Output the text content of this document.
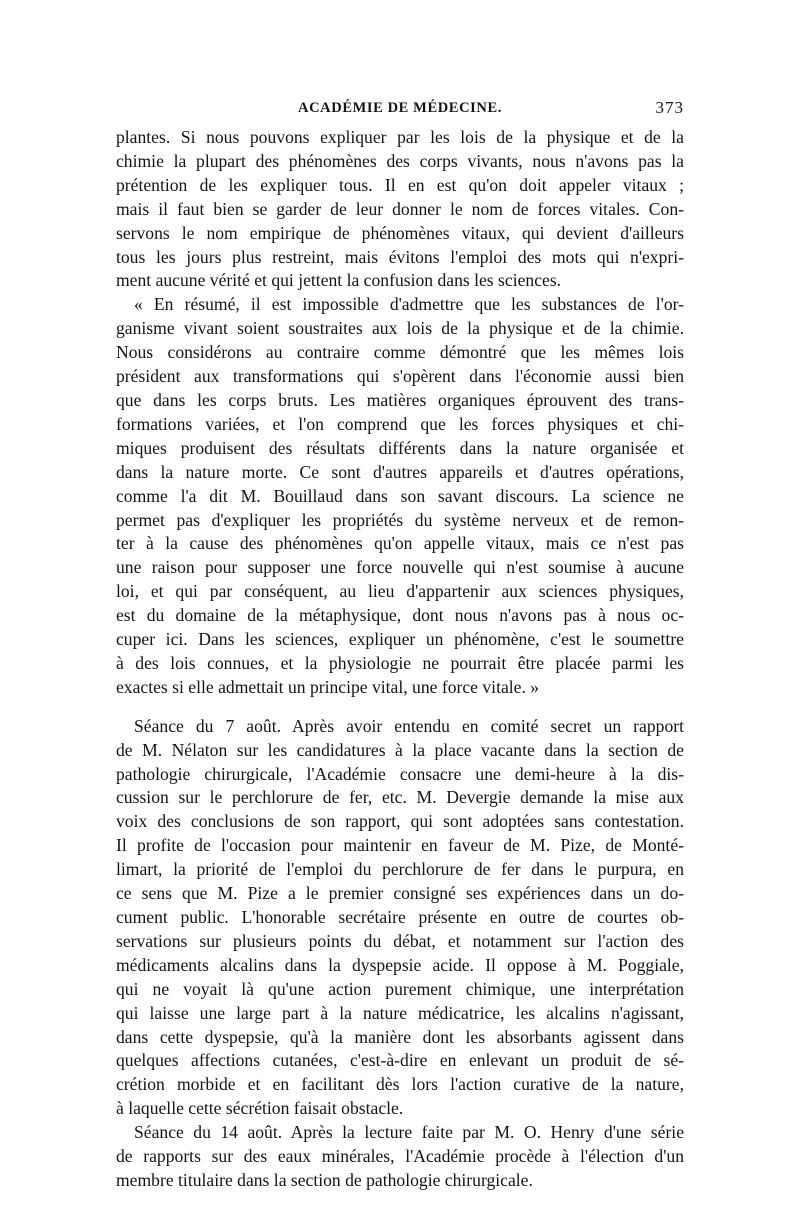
ACADÉMIE DE MÉDECINE.	373
plantes. Si nous pouvons expliquer par les lois de la physique et de la
chimie la plupart des phénomènes des corps vivants, nous n'avons pas la
prétention de les expliquer tous. Il en est qu'on doit appeler vitaux ;
mais il faut bien se garder de leur donner le nom de forces vitales. Con-
servons le nom empirique de phénomènes vitaux, qui devient d'ailleurs
tous les jours plus restreint, mais évitons l'emploi des mots qui n'expri-
ment aucune vérité et qui jettent la confusion dans les sciences.
« En résumé, il est impossible d'admettre que les substances de l'or-
ganisme vivant soient soustraites aux lois de la physique et de la chimie.
Nous considérons au contraire comme démontré que les mêmes lois
président aux transformations qui s'opèrent dans l'économie aussi bien
que dans les corps bruts. Les matières organiques éprouvent des trans-
formations variées, et l'on comprend que les forces physiques et chi-
miques produisent des résultats différents dans la nature organisée et
dans la nature morte. Ce sont d'autres appareils et d'autres opérations,
comme l'a dit M. Bouillaud dans son savant discours. La science ne
permet pas d'expliquer les propriétés du système nerveux et de remon-
ter à la cause des phénomènes qu'on appelle vitaux, mais ce n'est pas
une raison pour supposer une force nouvelle qui n'est soumise à aucune
loi, et qui par conséquent, au lieu d'appartenir aux sciences physiques,
est du domaine de la métaphysique, dont nous n'avons pas à nous oc-
cuper ici. Dans les sciences, expliquer un phénomène, c'est le soumettre
à des lois connues, et la physiologie ne pourrait être placée parmi les
exactes si elle admettait un principe vital, une force vitale. »
Séance du 7 août. Après avoir entendu en comité secret un rapport
de M. Nélaton sur les candidatures à la place vacante dans la section de
pathologie chirurgicale, l'Académie consacre une demi-heure à la dis-
cussion sur le perchlorure de fer, etc. M. Devergie demande la mise aux
voix des conclusions de son rapport, qui sont adoptées sans contestation.
Il profite de l'occasion pour maintenir en faveur de M. Pize, de Monté-
limart, la priorité de l'emploi du perchlorure de fer dans le purpura, en
ce sens que M. Pize a le premier consigné ses expériences dans un do-
cument public. L'honorable secrétaire présente en outre de courtes ob-
servations sur plusieurs points du débat, et notamment sur l'action des
médicaments alcalins dans la dyspepsie acide. Il oppose à M. Poggiale,
qui ne voyait là qu'une action purement chimique, une interprétation
qui laisse une large part à la nature médicatrice, les alcalins n'agissant,
dans cette dyspepsie, qu'à la manière dont les absorbants agissent dans
quelques affections cutanées, c'est-à-dire en enlevant un produit de sé-
crétion morbide et en facilitant dès lors l'action curative de la nature,
à laquelle cette sécrétion faisait obstacle.
Séance du 14 août. Après la lecture faite par M. O. Henry d'une série
de rapports sur des eaux minérales, l'Académie procède à l'élection d'un
membre titulaire dans la section de pathologie chirurgicale.
